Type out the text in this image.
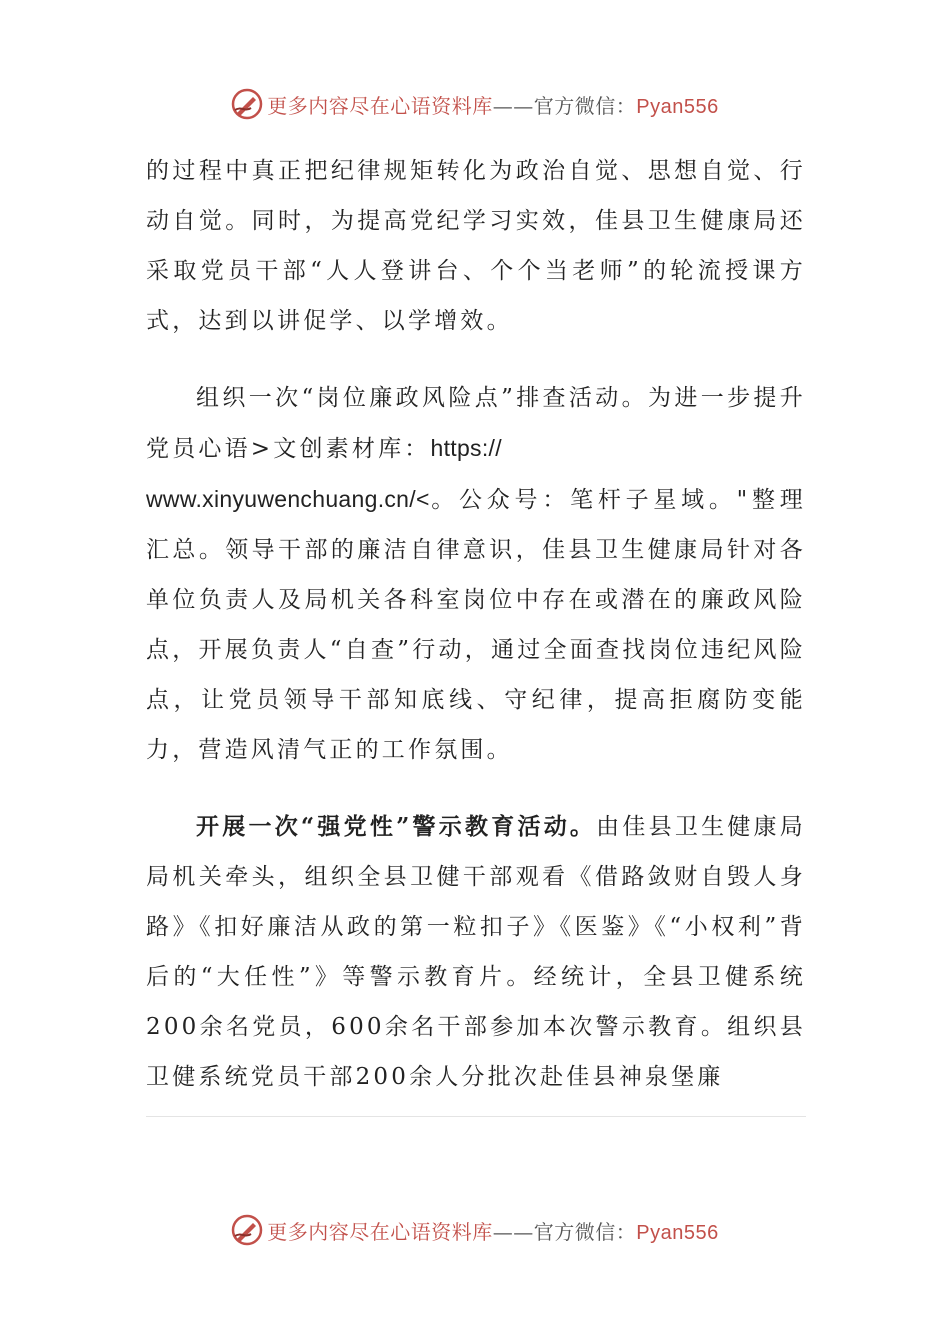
更多内容尽在心语资料库——官方微信：Pyan556

的过程中真正把纪律规矩转化为政治自觉、思想自觉、行动自觉。同时，为提高党纪学习实效，佳县卫生健康局还采取党员干部“人人登讲台、个个当老师”的轮流授课方式，达到以讲促学、以学增效。

组织一次“岗位廉政风险点”排查活动。为进一步提升党员心语>文创素材库：https://
www.xinyuwenchuang.cn/<。公众号：笔杆子星域。"整理汇总。领导干部的廉洁自律意识，佳县卫生健康局针对各单位负责人及局机关各科室岗位中存在或潜在的廉政风险点，开展负责人“自查”行动，通过全面查找岗位违纪风险点，让党员领导干部知底线、守纪律，提高拒腐防变能力，营造风清气正的工作氛围。

开展一次“强党性”警示教育活动。由佳县卫生健康局局机关牵头，组织全县卫健干部观看《借路敛财自毁人身路》《扣好廉洁从政的第一粒扣子》《医鉴》《“小权利”背后的“大任性”》等警示教育片。经统计，全县卫健系统200余名党员，600余名干部参加本次警示教育。组织县卫健系统党员干部200余人分批次赴佳县神泉堡廉

更多内容尽在心语资料库——官方微信：Pyan556
